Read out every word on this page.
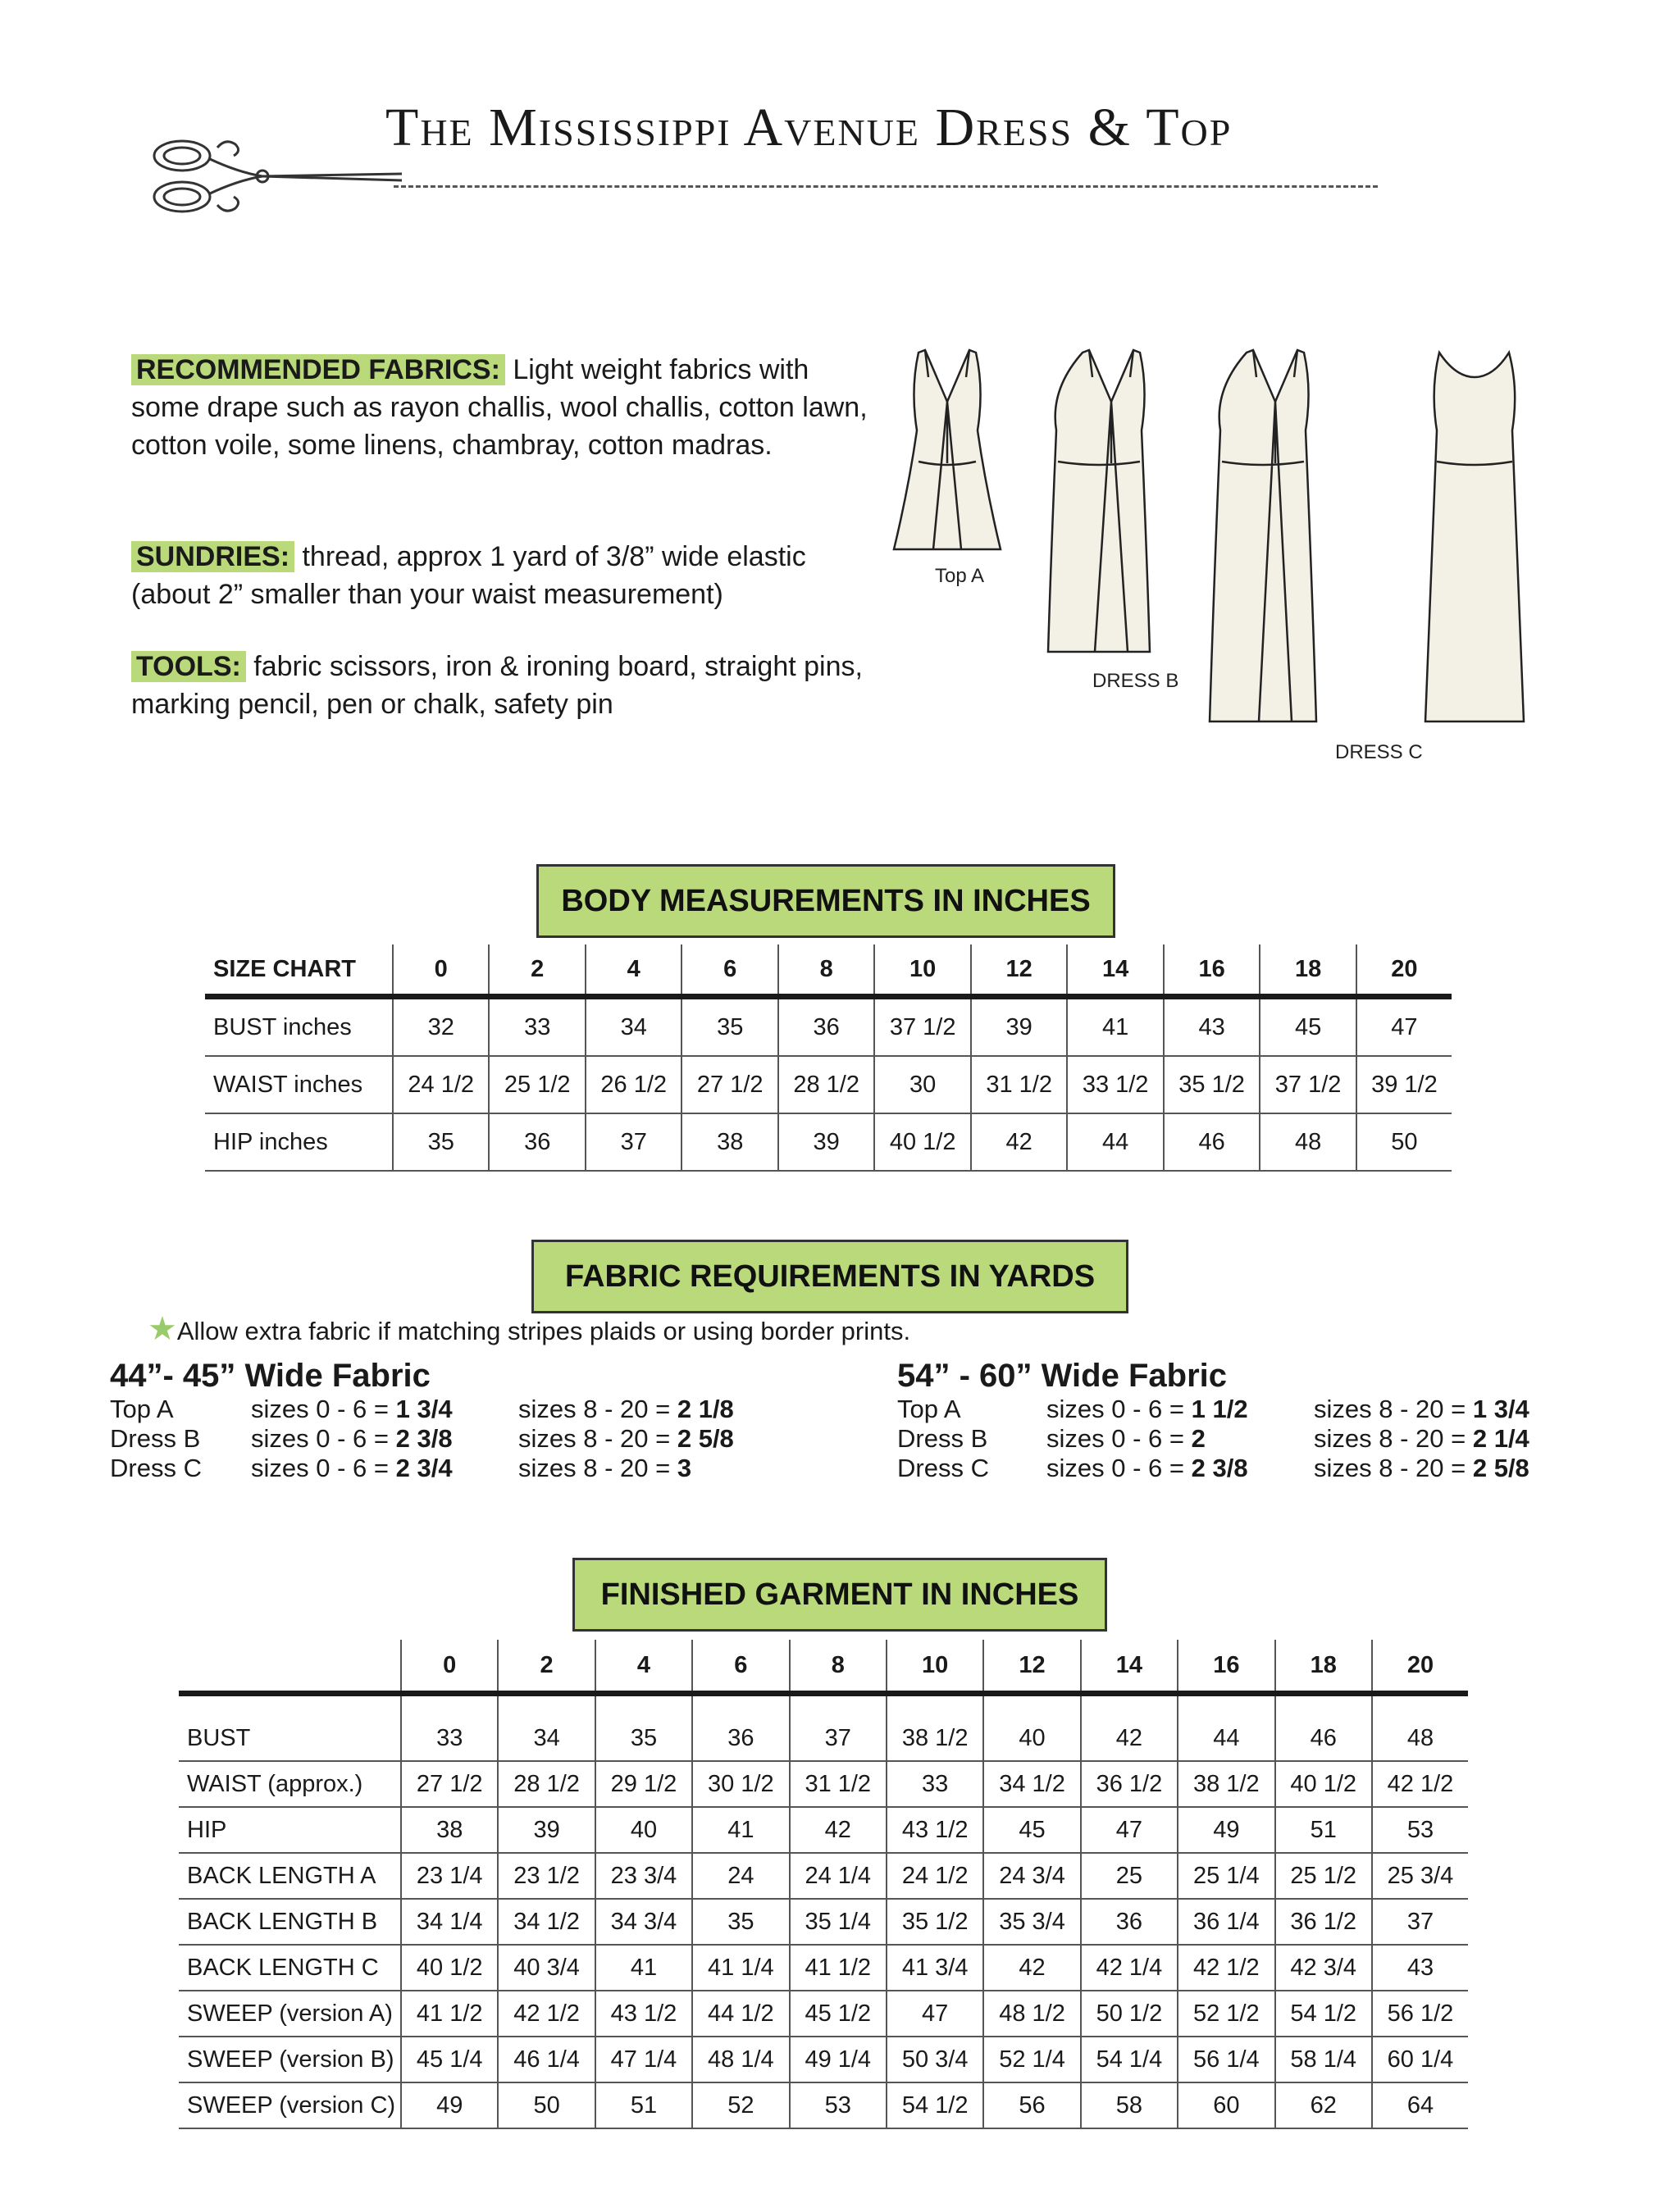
The Mississippi Avenue Dress & Top
RECOMMENDED FABRICS: Light weight fabrics with some drape such as rayon challis, wool challis, cotton lawn, cotton voile, some linens, chambray, cotton madras.
SUNDRIES: thread, approx 1 yard of 3/8” wide elastic (about 2” smaller than your waist measurement)
TOOLS: fabric scissors, iron & ironing board, straight pins, marking pencil, pen or chalk, safety pin
Top A
DRESS B
DRESS C
BODY MEASUREMENTS IN INCHES
SIZE CHART	0	2	4	6	8	10	12	14	16	18	20
BUST inches	32	33	34	35	36	37 1/2	39	41	43	45	47
WAIST inches	24 1/2	25 1/2	26 1/2	27 1/2	28 1/2	30	31 1/2	33 1/2	35 1/2	37 1/2	39 1/2
HIP inches	35	36	37	38	39	40 1/2	42	44	46	48	50
FABRIC REQUIREMENTS IN YARDS
★Allow extra fabric if matching stripes plaids or using border prints.
44”- 45” Wide Fabric
Top A	sizes 0 - 6 = 1 3/4	sizes 8 - 20 = 2 1/8
Dress B sizes 0 - 6 = 2 3/8	sizes 8 - 20 = 2 5/8
Dress C sizes 0 - 6 = 2 3/4	sizes 8 - 20 = 3
54” - 60” Wide Fabric
Top A	sizes 0 - 6 = 1 1/2	sizes 8 - 20 = 1 3/4
Dress B sizes 0 - 6 = 2	sizes 8 - 20 = 2 1/4
Dress C sizes 0 - 6 = 2 3/8	sizes 8 - 20 = 2 5/8
FINISHED GARMENT IN INCHES
	0	2	4	6	8	10	12	14	16	18	20
BUST	33	34	35	36	37	38 1/2	40	42	44	46	48
WAIST (approx.)	27 1/2	28 1/2	29 1/2	30 1/2	31 1/2	33	34 1/2	36 1/2	38 1/2	40 1/2	42 1/2
HIP	38	39	40	41	42	43 1/2	45	47	49	51	53
BACK LENGTH A	23 1/4	23 1/2	23 3/4	24	24 1/4	24 1/2	24 3/4	25	25 1/4	25 1/2	25 3/4
BACK LENGTH B	34 1/4	34 1/2	34 3/4	35	35 1/4	35 1/2	35 3/4	36	36 1/4	36 1/2	37
BACK LENGTH C	40 1/2	40 3/4	41	41 1/4	41 1/2	41 3/4	42	42 1/4	42 1/2	42 3/4	43
SWEEP (version A)	41 1/2	42 1/2	43 1/2	44 1/2	45 1/2	47	48 1/2	50 1/2	52 1/2	54 1/2	56 1/2
SWEEP (version B)	45 1/4	46 1/4	47 1/4	48 1/4	49 1/4	50 3/4	52 1/4	54 1/4	56 1/4	58 1/4	60 1/4
SWEEP (version C)	49	50	51	52	53	54 1/2	56	58	60	62	64
